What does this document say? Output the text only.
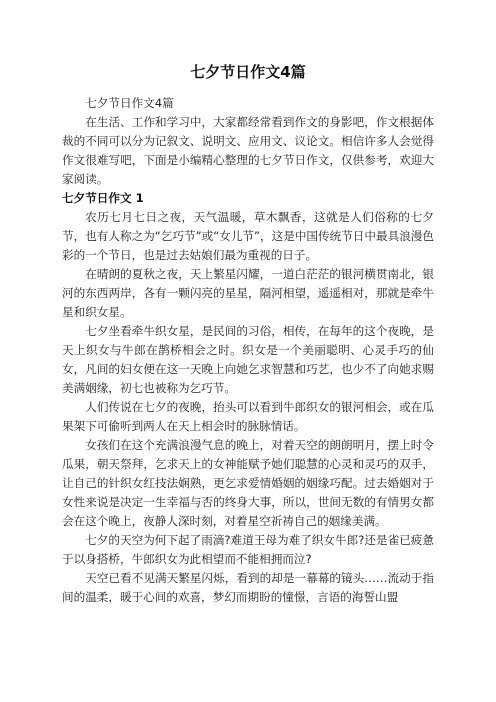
七夕节日作文4篇

七夕节日作文4篇

在生活、工作和学习中，大家都经常看到作文的身影吧，作文根据体裁的不同可以分为记叙文、说明文、应用文、议论文。相信许多人会觉得作文很难写吧，下面是小编精心整理的七夕节日作文，仅供参考，欢迎大家阅读。

七夕节日作文 1

农历七月七日之夜，天气温暖，草木飘香，这就是人们俗称的七夕节，也有人称之为“乞巧节”或“女儿节”，这是中国传统节日中最具浪漫色彩的一个节日，也是过去姑娘们最为重视的日子。

在晴朗的夏秋之夜，天上繁星闪耀，一道白茫茫的银河横贯南北，银河的东西两岸，各有一颗闪亮的星星，隔河相望，遥遥相对，那就是牵牛星和织女星。

七夕坐看牵牛织女星，是民间的习俗，相传，在每年的这个夜晚，是天上织女与牛郎在鹊桥相会之时。织女是一个美丽聪明、心灵手巧的仙女，凡间的妇女便在这一天晚上向她乞求智慧和巧艺，也少不了向她求赐美满姻缘，初七也被称为乞巧节。

人们传说在七夕的夜晚，抬头可以看到牛郎织女的银河相会，或在瓜果架下可偷听到两人在天上相会时的脉脉情话。

女孩们在这个充满浪漫气息的晚上，对着天空的朗朗明月，摆上时令瓜果，朝天祭拜，乞求天上的女神能赋予她们聪慧的心灵和灵巧的双手，让自己的针织女红技法娴熟，更乞求爱情婚姻的姻缘巧配。过去婚姻对于女性来说是决定一生幸福与否的终身大事，所以，世间无数的有情男女都会在这个晚上，夜静人深时刻，对着星空祈祷自己的姻缘美满。

七夕的天空为何下起了雨滴?难道王母为难了织女牛郎?还是雀已疲惫于以身搭桥，牛郎织女为此相望而不能相拥而泣?

天空已看不见满天繁星闪烁，看到的却是一幕幕的镜头……流动于指间的温柔，暖于心间的欢喜，梦幻而期盼的憧憬，言语的海誓山盟
